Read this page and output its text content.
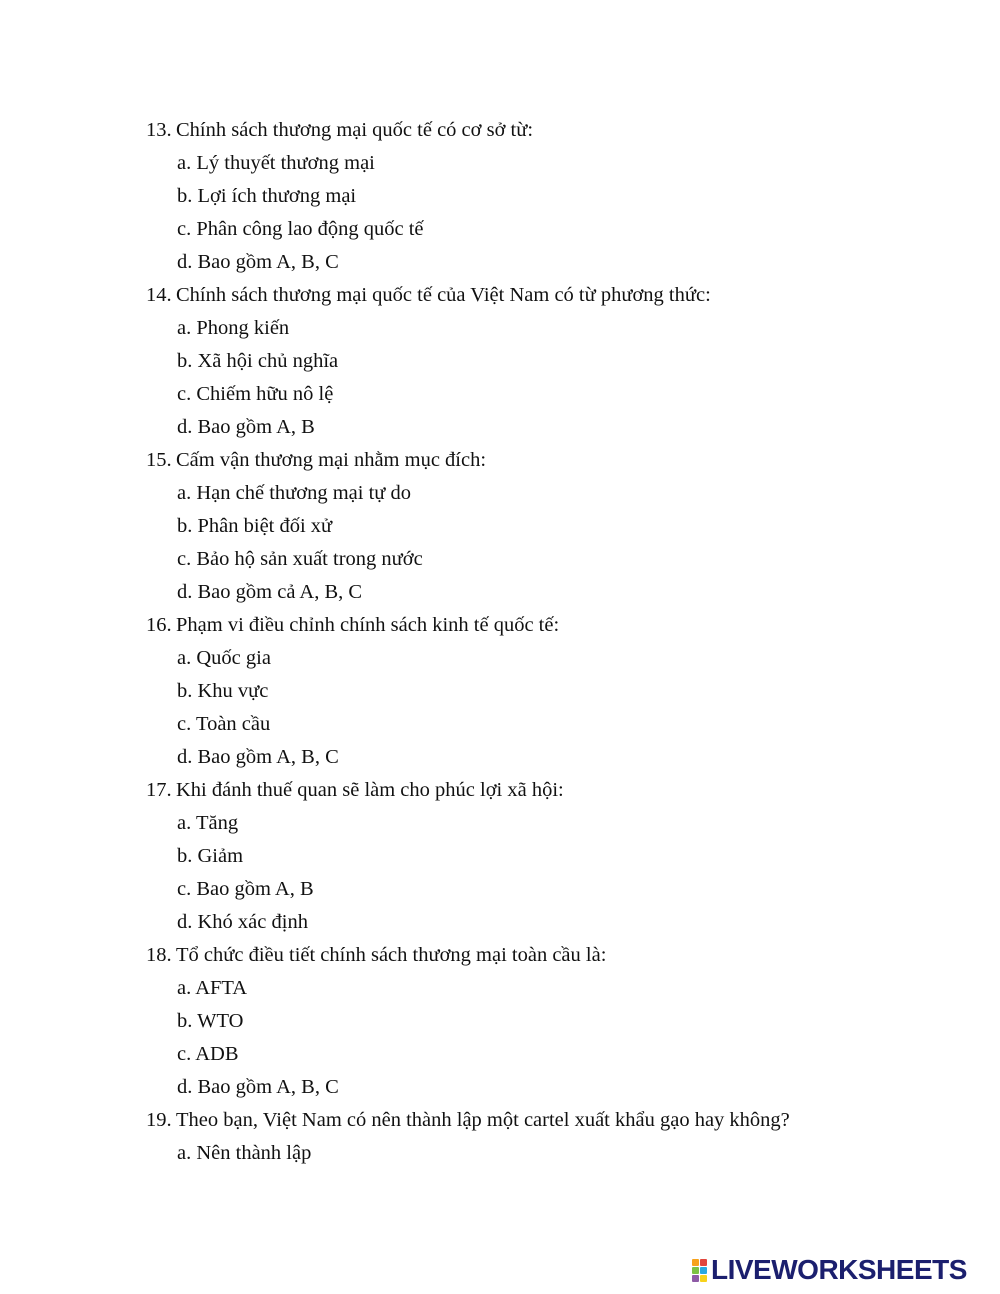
13. Chính sách thương mại quốc tế có cơ sở từ:
a. Lý thuyết thương mại
b. Lợi ích thương mại
c. Phân công lao động quốc tế
d. Bao gồm A, B, C
14. Chính sách thương mại quốc tế của Việt Nam có từ phương thức:
a. Phong kiến
b. Xã hội chủ nghĩa
c. Chiếm hữu nô lệ
d. Bao gồm A, B
15. Cấm vận thương mại nhằm mục đích:
a. Hạn chế thương mại tự do
b. Phân biệt đối xử
c. Bảo hộ sản xuất trong nước
d. Bao gồm cả A, B, C
16. Phạm vi điều chỉnh chính sách kinh tế quốc tế:
a. Quốc gia
b. Khu vực
c. Toàn cầu
d. Bao gồm A, B, C
17. Khi đánh thuế quan sẽ làm cho phúc lợi xã hội:
a. Tăng
b. Giảm
c. Bao gồm A, B
d. Khó xác định
18. Tổ chức điều tiết chính sách thương mại toàn cầu là:
a. AFTA
b. WTO
c. ADB
d. Bao gồm A, B, C
19. Theo bạn, Việt Nam có nên thành lập một cartel xuất khẩu gạo hay không?
a. Nên thành lập
LIVEWORKSHEETS
